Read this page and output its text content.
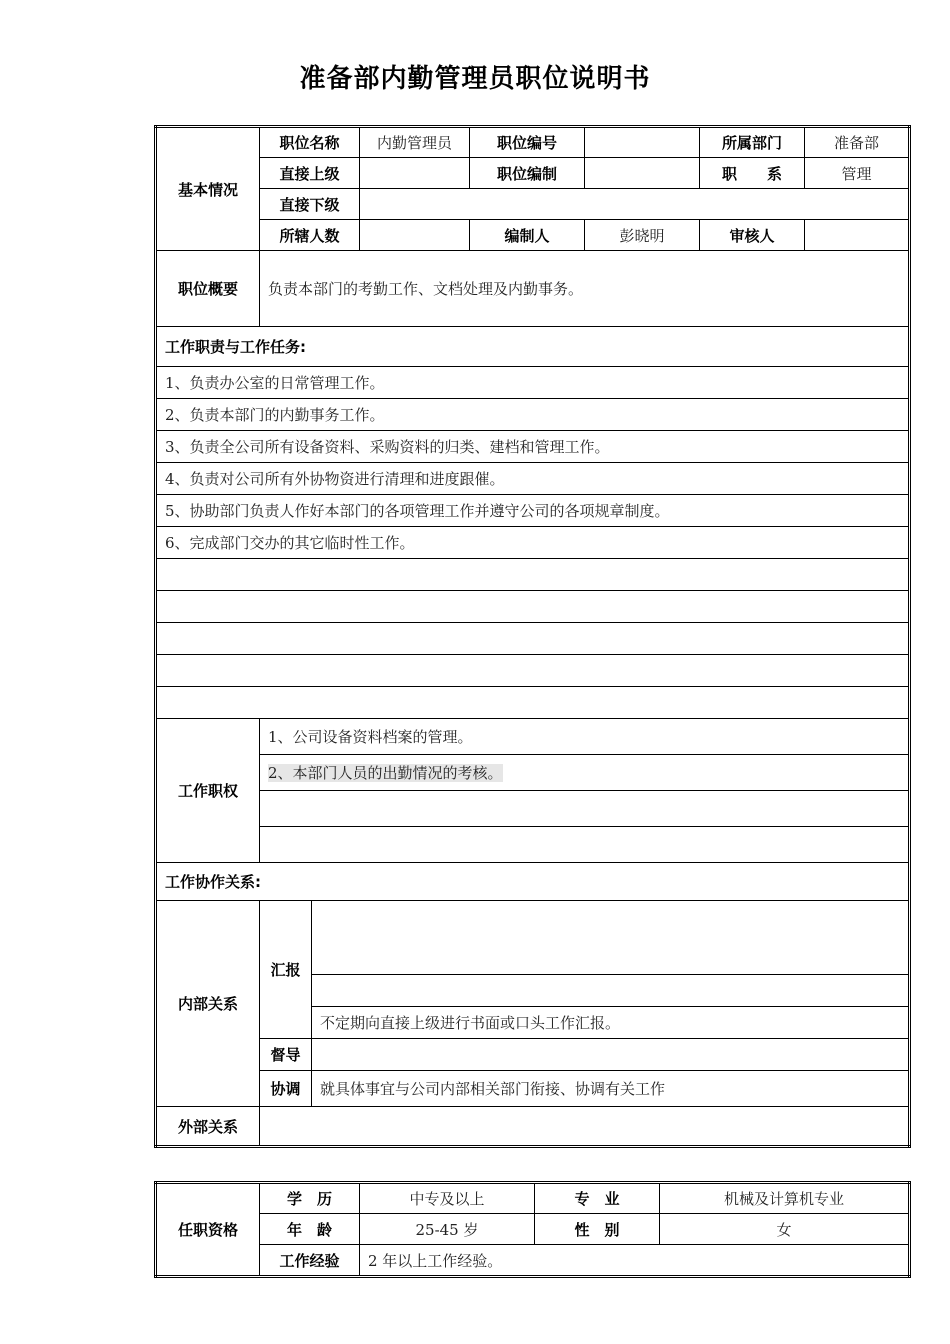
准备部内勤管理员职位说明书
基本情况	职位名称		内勤管理员	职位编号		所属部门	准备部
	直接上级			职位编制		职　　系	管理
	直接下级						
	所辖人数			编制人	彭晓明	审核人	
职位概要	负责本部门的考勤工作、文档处理及内勤事务。						
工作职责与工作任务:							
1、负责办公室的日常管理工作。							
2、负责本部门的内勤事务工作。							
3、负责全公司所有设备资料、采购资料的归类、建档和管理工作。							
4、负责对公司所有外协物资进行清理和进度跟催。							
5、协助部门负责人作好本部门的各项管理工作并遵守公司的各项规章制度。							
6、完成部门交办的其它临时性工作。							

工作职权	1、公司设备资料档案的管理。						
	2、本部门人员的出勤情况的考核。						

工作协作关系:							
内部关系	汇报						

		不定期向直接上级进行书面或口头工作汇报。					
	督导						
	协调	就具体事宜与公司内部相关部门衔接、协调有关工作					
外部关系							
任职资格	学　历	中专及以上	专　业	机械及计算机专业
	年　龄	25-45 岁	性　别	女
	工作经验	2 年以上工作经验。		
